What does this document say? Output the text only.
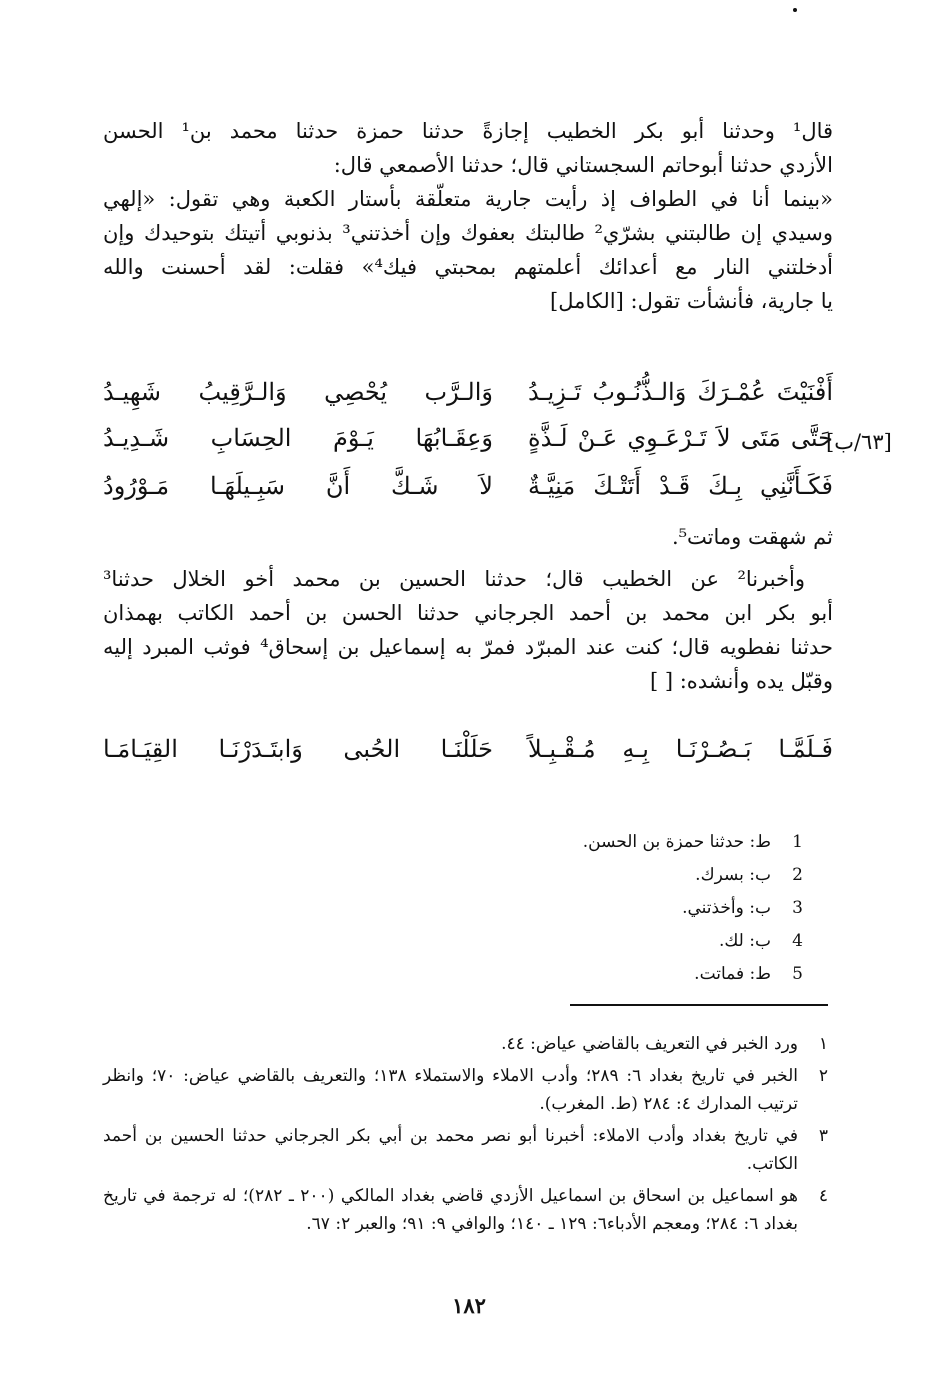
قال¹ وحدثنا أبو بكر الخطيب إجازةً حدثنا حمزة حدثنا محمد بن¹ الحسن

الأزدي حدثنا أبوحاتم السجستاني قال؛ حدثنا الأصمعي قال:

«بينما أنا في الطواف إذ رأيت جارية متعلّقة بأستار الكعبة وهي تقول: «إلهي

وسيدي إن طالبتني بشرّي² طالبتك بعفوك وإن أخذتني³ بذنوبي أتيتك بتوحيدك وإن

أدخلتني النار مع أعدائك أعلمتهم بمحبتي فيك⁴» فقلت: لقد أحسنت والله

يا جارية، فأنشأت تقول: [الكامل]

أَفْنَيْتَ عُمْـرَكَ وَالـذُّنُـوبُ تَـزِيـدُ
وَالـرَّب يُحْصِي وَالـرَّقِيبُ شَهِيـدُ
حَتَّى مَتَى لاَ تَـرْعَـوِي عَـنْ لَـذَّةٍ
وَعِقَـابُهَا يَـوْمَ الحِسَابِ شَـدِيـدُ	[٦٣/ب]
فَكَـأَنَّنِي بِـكَ قَـدْ أَتَتْـكَ مَنِيَّـةٌ
لاَ شَـكَّ أَنَّ سَبِـيلَهَـا مَـوْرُودُ

ثم شهقت وماتت⁵.

وأخبرنا² عن الخطيب قال؛ حدثنا الحسين بن محمد أخو الخلال حدثنا³

أبو بكر ابن محمد بن أحمد الجرجاني حدثنا الحسن بن أحمد الكاتب بهمذان

حدثنا نفطويه قال؛ كنت عند المبرّد فمرّ به إسماعيل بن إسحاق⁴ فوثب المبرد إليه

وقبّل يده وأنشده: [ ]

فَـلَمَّـا بَـصُـرْنَـا بِـهِ مُـقْـبِـلاً
حَلَلْنَـا الحُبى وَابتَـدَرْنَـا القِيَـامَـا
1
ط: حدثنا حمزة بن الحسن.
2
ب: بسرك.
3
ب: وأخذتني.
4
ب: لك.
5
ط: فماتت.
١
ورد الخبر في التعريف بالقاضي عياض: ٤٤.
٢
الخبر في تاريخ بغداد ٦: ٢٨٩؛ وأدب الاملاء والاستملاء ١٣٨؛ والتعريف بالقاضي عياض: ٧٠؛ وانظر ترتيب المدارك ٤: ٢٨٤ (ط. المغرب).
٣
في تاريخ بغداد وأدب الاملاء: أخبرنا أبو نصر محمد بن أبي بكر الجرجاني حدثنا الحسين بن أحمد الكاتب.
٤
هو اسماعيل بن اسحاق بن اسماعيل الأزدي قاضي بغداد المالكي (٢٠٠ ـ ٢٨٢)؛ له ترجمة في تاريخ بغداد ٦: ٢٨٤؛ ومعجم الأدباء٦: ١٢٩ ـ ١٤٠؛ والوافي ٩: ٩١؛ والعبر ٢: ٦٧.
١٨٢
